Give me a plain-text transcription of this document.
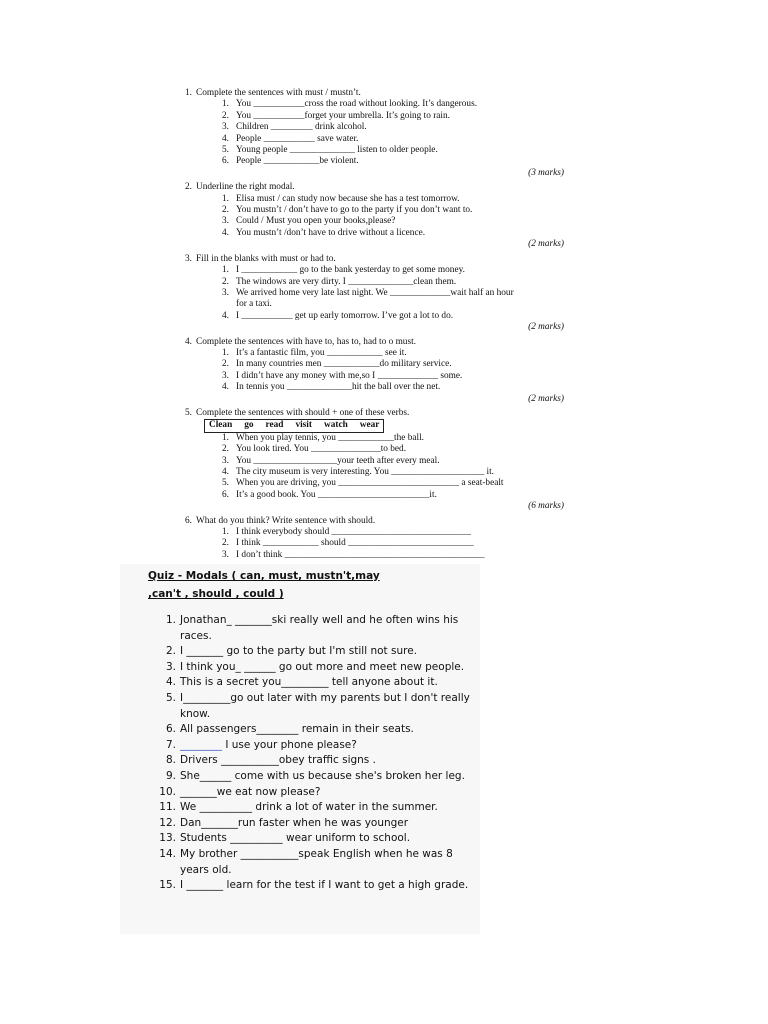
1. Complete the sentences with must / mustn’t.
1. You ___________cross the road without looking. It’s dangerous.
2. You ___________forget your umbrella. It’s going to rain.
3. Children _________ drink alcohol.
4. People ___________ save water.
5. Young people ______________ listen to older people.
6. People ____________be violent.
(3 marks)
2. Underline the right modal.
1. Elisa must / can study now because she has a test tomorrow.
2. You mustn’t / don’t have to go to the party if you don’t want to.
3. Could / Must you open your books,please?
4. You mustn’t /don’t have to drive without a licence.
(2 marks)
3. Fill in the blanks with must or had to.
1. I ____________ go to the bank yesterday to get some money.
2. The windows are very dirty. I ______________clean them.
3. We arrived home very late last night. We _____________wait half an hour
for a taxi.
4. I ___________ get up early tomorrow. I’ve got a lot to do.
(2 marks)
4. Complete the sentences with have to, has to, had to o must.
1. It’s a fantastic film, you ____________ see it.
2. In many countries men ____________do military service.
3. I didn’t have any money with me,so I _____________ some.
4. In tennis you ______________hit the ball over the net.
(2 marks)
5. Complete the sentences with should + one of these verbs.
Clean go read visit watch wear
1. When you play tennis, you ____________the ball.
2. You look tired. You _______________to bed.
3. You __________________your teeth after every meal.
4. The city museum is very interesting. You ____________________ it.
5. When you are driving, you __________________________ a seat-bealt
6. It’s a good book. You ________________________it.
(6 marks)
6. What do you think? Write sentence with should.
1. I think everybody should ______________________________
2. I think ____________ should ___________________________
3. I don’t think ___________________________________________
Quiz - Modals ( can, must, mustn't,may
,can't , should , could )
1. Jonathan_ _______ski really well and he often wins his races.
2. I _______ go to the party but I'm still not sure.
3. I think you_ ______ go out more and meet new people.
4. This is a secret you_________ tell anyone about it.
5. I_________go out later with my parents but I don't really know.
6. All passengers________ remain in their seats.
7. ________ I use your phone please?
8. Drivers ___________obey traffic signs .
9. She______ come with us because she's broken her leg.
10. _______we eat now please?
11. We __________ drink a lot of water in the summer.
12. Dan_______run faster when he was younger
13. Students __________ wear uniform to school.
14. My brother ___________speak English when he was 8 years old.
15. I _______ learn for the test if I want to get a high grade.
